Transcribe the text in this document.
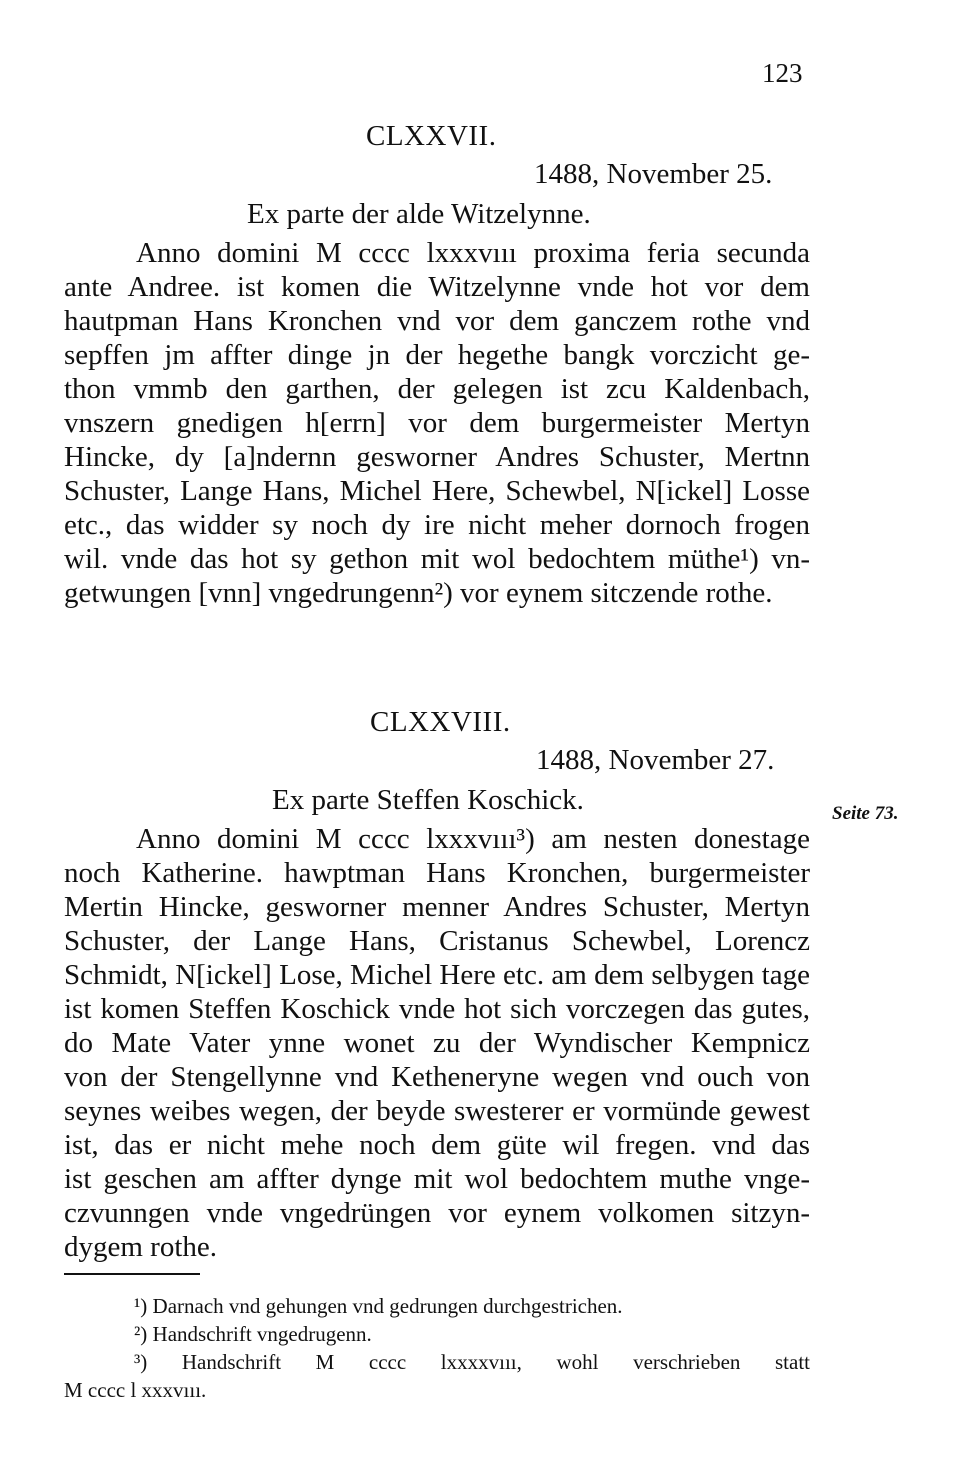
123
CLXXVII.
1488, November 25.
Ex parte der alde Witzelynne.
Anno domini M cccc lxxxvııı proxima feria secunda
ante Andree. ist komen die Witzelynne vnde hot vor dem
hautpman Hans Kronchen vnd vor dem ganczem rothe vnd
sepffen jm affter dinge jn der hegethe bangk vorczicht ge-
thon vmmb den garthen, der gelegen ist zcu Kaldenbach,
vnszern gnedigen h[errn] vor dem burgermeister Mertyn
Hincke, dy [a]ndernn gesworner Andres Schuster, Mertnn
Schuster, Lange Hans, Michel Here, Schewbel, N[ickel] Losse
etc., das widder sy noch dy ire nicht meher dornoch frogen
wil. vnde das hot sy gethon mit wol bedochtem müthe¹) vn-
getwungen [vnn] vngedrungenn²) vor eynem sitczende rothe.
CLXXVIII.
1488, November 27.
Ex parte Steffen Koschick.	Seite 73.
Anno domini M cccc lxxxvııı³) am nesten donestage
noch Katherine. hawptman Hans Kronchen, burgermeister
Mertin Hincke, gesworner menner Andres Schuster, Mertyn
Schuster, der Lange Hans, Cristanus Schewbel, Lorencz
Schmidt, N[ickel] Lose, Michel Here etc. am dem selbygen tage
ist komen Steffen Koschick vnde hot sich vorczegen das gutes,
do Mate Vater ynne wonet zu der Wyndischer Kempnicz
von der Stengellynne vnd Ketheneryne wegen vnd ouch von
seynes weibes wegen, der beyde swesterer er vormünde gewest
ist, das er nicht mehe noch dem güte wil fregen. vnd das
ist geschen am affter dynge mit wol bedochtem muthe vnge-
czvunngen vnde vngedrüngen vor eynem volkomen sitzyn-
dygem rothe.
¹) Darnach vnd gehungen vnd gedrungen durchgestrichen.
²) Handschrift vngedrugenn.
³) Handschrift M cccc lxxxxvııı, wohl verschrieben statt
M cccc l xxxvııı.
